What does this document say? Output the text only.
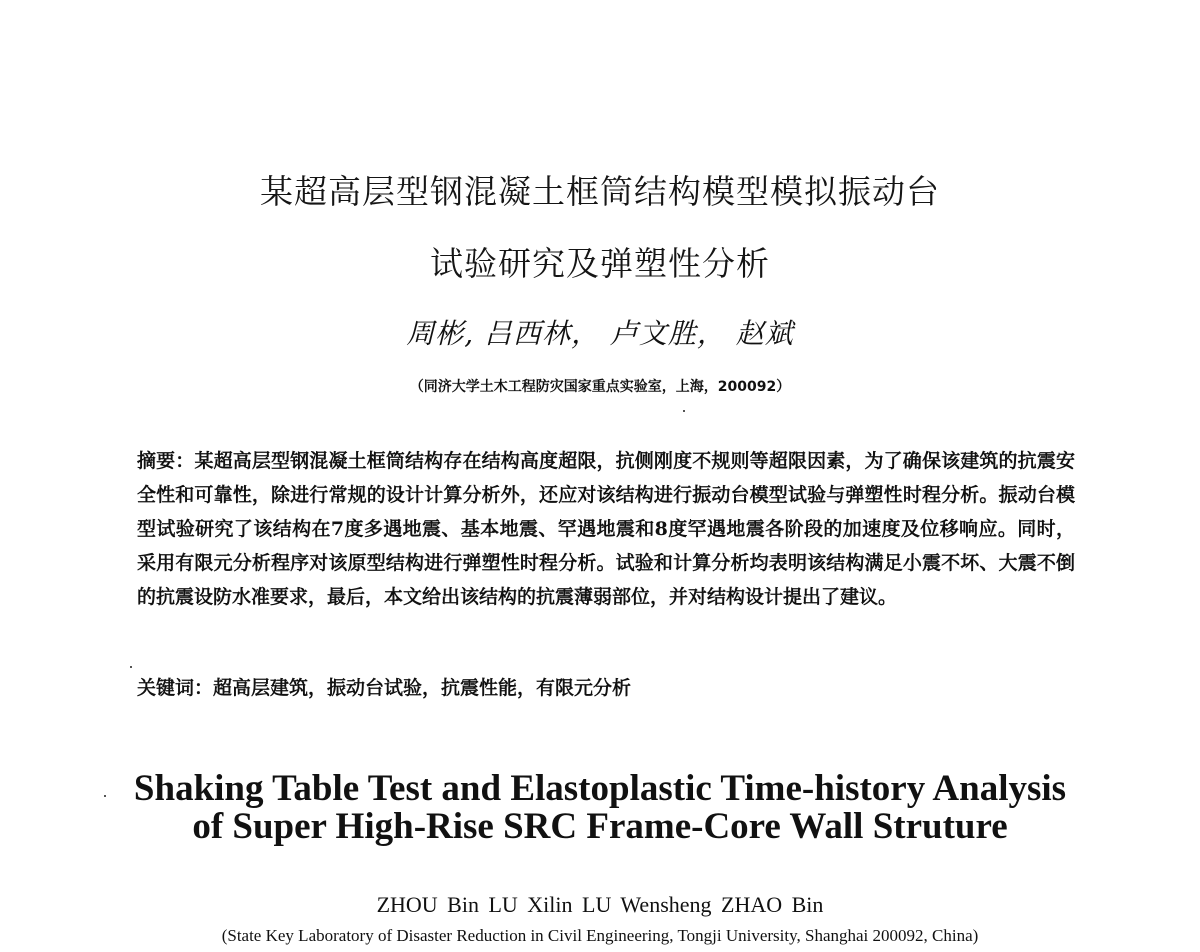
某超高层型钢混凝土框筒结构模型模拟振动台
试验研究及弹塑性分析
周彬, 吕西林， 卢文胜， 赵斌
（同济大学土木工程防灾国家重点实验室，上海，200092）
摘要：某超高层型钢混凝土框筒结构存在结构高度超限，抗侧刚度不规则等超限因素，为了确保该建筑的抗震安全性和可靠性，除进行常规的设计计算分析外，还应对该结构进行振动台模型试验与弹塑性时程分析。振动台模型试验研究了该结构在7度多遇地震、基本地震、罕遇地震和8度罕遇地震各阶段的加速度及位移响应。同时，采用有限元分析程序对该原型结构进行弹塑性时程分析。试验和计算分析均表明该结构满足小震不坏、大震不倒的抗震设防水准要求，最后，本文给出该结构的抗震薄弱部位，并对结构设计提出了建议。
关键词：超高层建筑，振动台试验，抗震性能，有限元分析
Shaking Table Test and Elastoplastic Time-history Analysis
of Super High-Rise SRC Frame-Core Wall Struture
ZHOU Bin LU Xilin LU Wensheng ZHAO Bin
(State Key Laboratory of Disaster Reduction in Civil Engineering, Tongji University, Shanghai 200092, China)
